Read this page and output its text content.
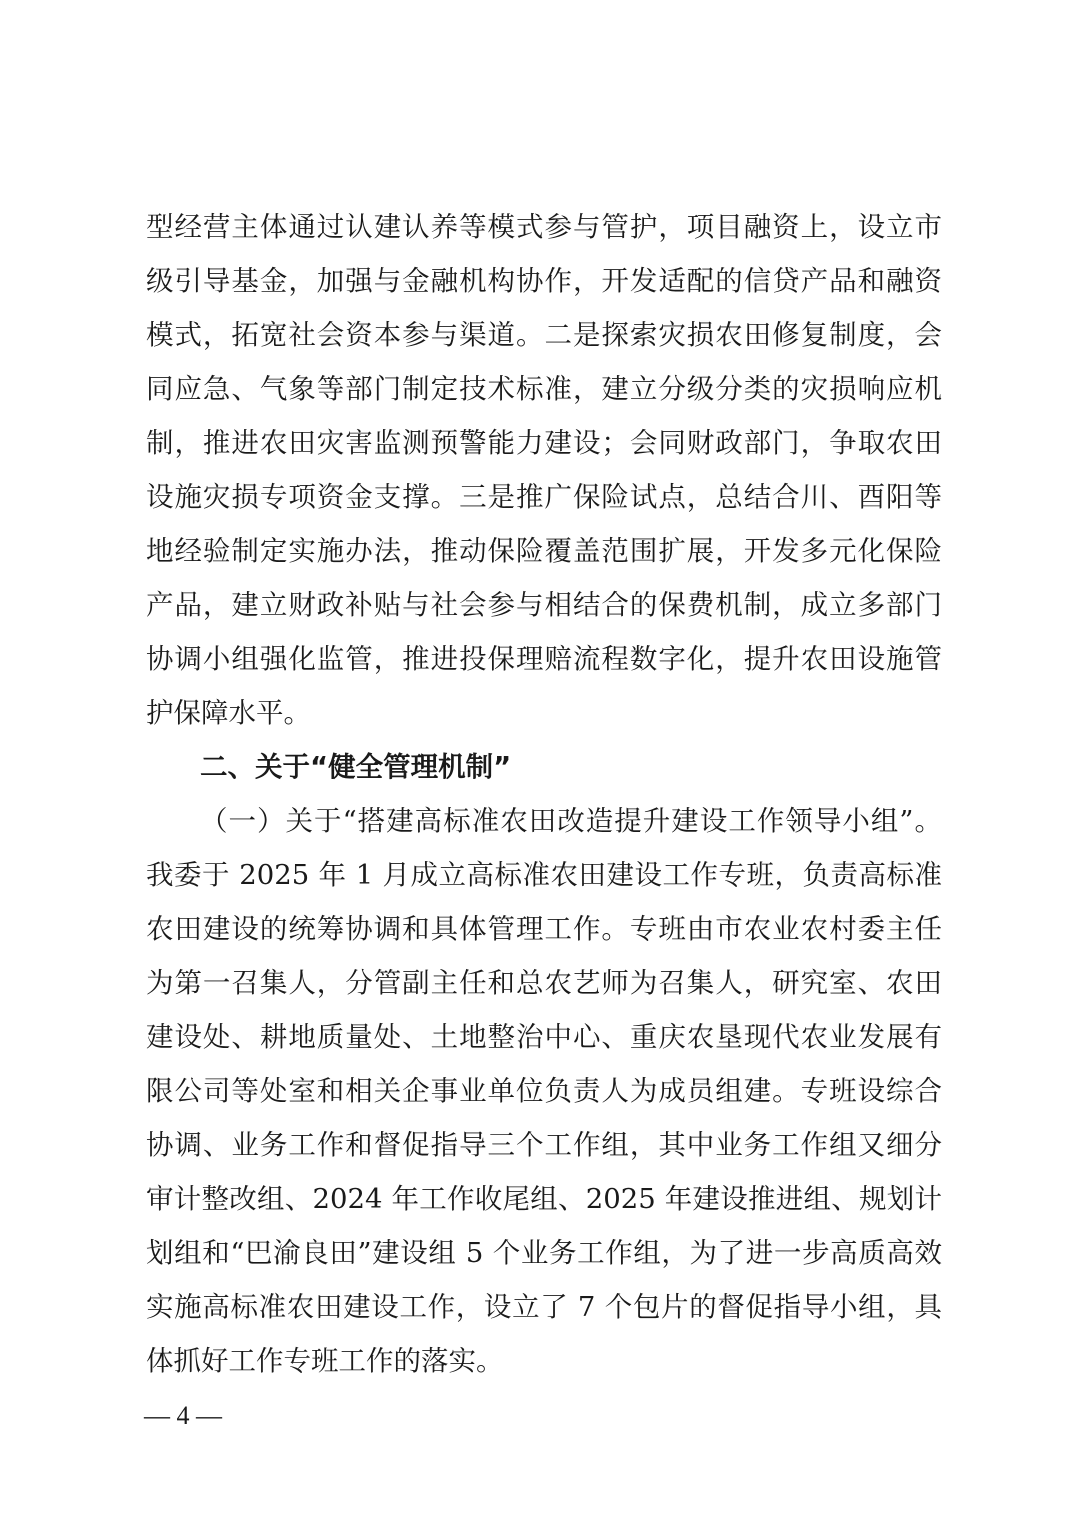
型经营主体通过认建认养等模式参与管护，项目融资上，设立市
级引导基金，加强与金融机构协作，开发适配的信贷产品和融资
模式，拓宽社会资本参与渠道。二是探索灾损农田修复制度，会
同应急、气象等部门制定技术标准，建立分级分类的灾损响应机
制，推进农田灾害监测预警能力建设；会同财政部门，争取农田
设施灾损专项资金支撑。三是推广保险试点，总结合川、酉阳等
地经验制定实施办法，推动保险覆盖范围扩展，开发多元化保险
产品，建立财政补贴与社会参与相结合的保费机制，成立多部门
协调小组强化监管，推进投保理赔流程数字化，提升农田设施管
护保障水平。
二、关于“健全管理机制”
（一）关于“搭建高标准农田改造提升建设工作领导小组”。
我委于 2025 年 1 月成立高标准农田建设工作专班，负责高标准
农田建设的统筹协调和具体管理工作。专班由市农业农村委主任
为第一召集人，分管副主任和总农艺师为召集人，研究室、农田
建设处、耕地质量处、土地整治中心、重庆农垦现代农业发展有
限公司等处室和相关企事业单位负责人为成员组建。专班设综合
协调、业务工作和督促指导三个工作组，其中业务工作组又细分
审计整改组、2024 年工作收尾组、2025 年建设推进组、规划计
划组和“巴渝良田”建设组 5 个业务工作组，为了进一步高质高效
实施高标准农田建设工作，设立了 7 个包片的督促指导小组，具
体抓好工作专班工作的落实。
— 4 —
